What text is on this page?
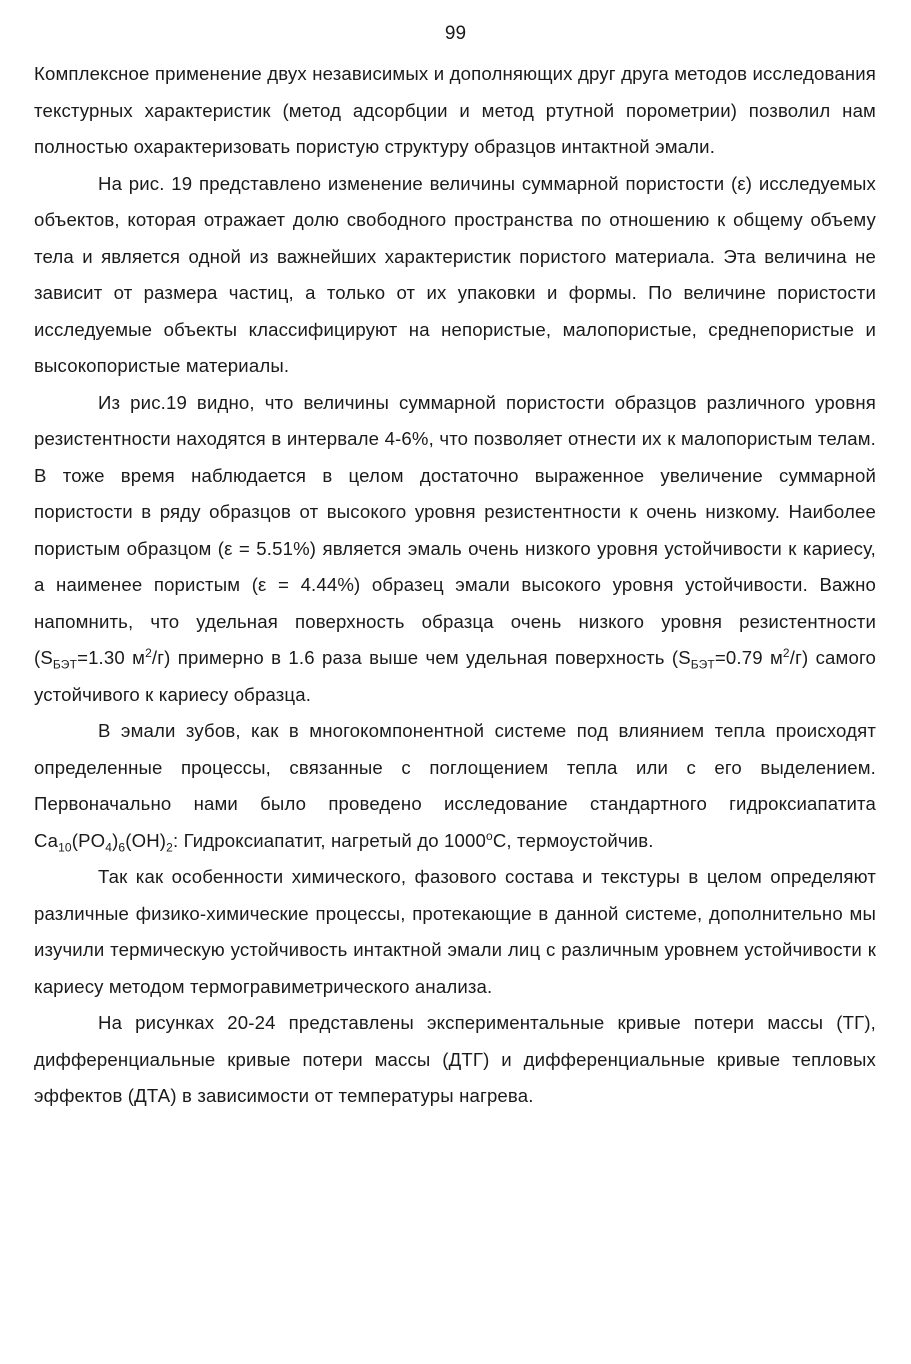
99

Комплексное применение двух независимых и дополняющих друг друга методов исследования текстурных характеристик (метод адсорбции и метод ртутной порометрии) позволил нам полностью охарактеризовать пористую структуру образцов интактной эмали.

На рис. 19 представлено изменение величины суммарной пористости (ε) исследуемых объектов, которая отражает долю свободного пространства по отношению к общему объему тела и является одной из важнейших характеристик пористого материала. Эта величина не зависит от размера частиц, а только от их упаковки и формы. По величине пористости исследуемые объекты классифицируют на непористые, малопористые, среднепористые и высокопористые материалы.

Из рис.19 видно, что величины суммарной пористости образцов различного уровня резистентности находятся в интервале 4-6%, что позволяет отнести их к малопористым телам. В тоже время наблюдается в целом достаточно выраженное увеличение суммарной пористости в ряду образцов от высокого уровня резистентности к очень низкому. Наиболее пористым образцом (ε = 5.51%) является эмаль очень низкого уровня устойчивости к кариесу, а наименее пористым (ε = 4.44%) образец эмали высокого уровня устойчивости. Важно напомнить, что удельная поверхность образца очень низкого уровня резистентности ($S_{БЭТ}=1.30$ $м^2/г$) примерно в 1.6 раза выше чем удельная поверхность ($S_{БЭТ}=0.79$ $м^2/г$) самого устойчивого к кариесу образца.

В эмали зубов, как в многокомпонентной системе под влиянием тепла происходят определенные процессы, связанные с поглощением тепла или с его выделением. Первоначально нами было проведено исследование стандартного гидроксиапатита $Ca_{10}(PO_4)_6(OH)_2$: Гидроксиапатит, нагретый до 1000$^o$С, термоустойчив.

Так как особенности химического, фазового состава и текстуры в целом определяют различные физико-химические процессы, протекающие в данной системе, дополнительно мы изучили термическую устойчивость интактной эмали лиц с различным уровнем устойчивости к кариесу методом термогравиметрического анализа.

На рисунках 20-24 представлены экспериментальные кривые потери массы (ТГ), дифференциальные кривые потери массы (ДТГ) и дифференциальные кривые тепловых эффектов (ДТА) в зависимости от температуры нагрева.
